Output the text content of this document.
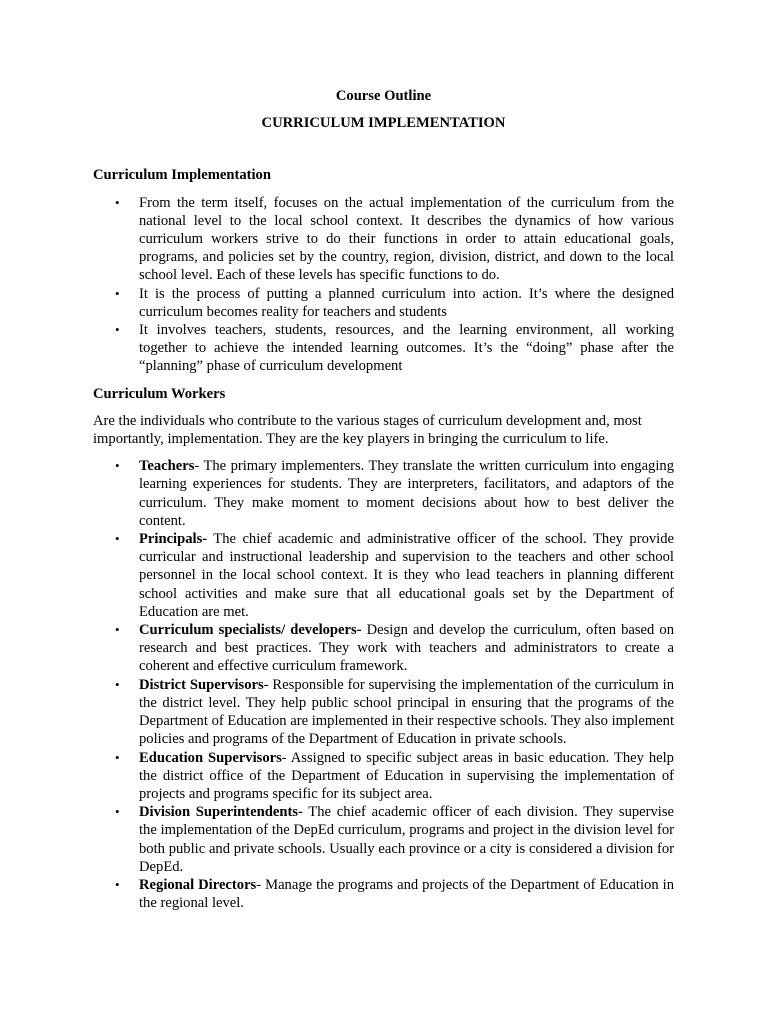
Course Outline

CURRICULUM IMPLEMENTATION

Curriculum Implementation

• From the term itself, focuses on the actual implementation of the curriculum from the national level to the local school context. It describes the dynamics of how various curriculum workers strive to do their functions in order to attain educational goals, programs, and policies set by the country, region, division, district, and down to the local school level. Each of these levels has specific functions to do.
• It is the process of putting a planned curriculum into action. It’s where the designed curriculum becomes reality for teachers and students
• It involves teachers, students, resources, and the learning environment, all working together to achieve the intended learning outcomes. It’s the “doing” phase after the “planning” phase of curriculum development

Curriculum Workers

Are the individuals who contribute to the various stages of curriculum development and, most importantly, implementation. They are the key players in bringing the curriculum to life.

• Teachers- The primary implementers. They translate the written curriculum into engaging learning experiences for students. They are interpreters, facilitators, and adaptors of the curriculum. They make moment to moment decisions about how to best deliver the content.
• Principals- The chief academic and administrative officer of the school. They provide curricular and instructional leadership and supervision to the teachers and other school personnel in the local school context. It is they who lead teachers in planning different school activities and make sure that all educational goals set by the Department of Education are met.
• Curriculum specialists/ developers- Design and develop the curriculum, often based on research and best practices. They work with teachers and administrators to create a coherent and effective curriculum framework.
• District Supervisors- Responsible for supervising the implementation of the curriculum in the district level. They help public school principal in ensuring that the programs of the Department of Education are implemented in their respective schools. They also implement policies and programs of the Department of Education in private schools.
• Education Supervisors- Assigned to specific subject areas in basic education. They help the district office of the Department of Education in supervising the implementation of projects and programs specific for its subject area.
• Division Superintendents- The chief academic officer of each division. They supervise the implementation of the DepEd curriculum, programs and project in the division level for both public and private schools. Usually each province or a city is considered a division for DepEd.
• Regional Directors- Manage the programs and projects of the Department of Education in the regional level.
